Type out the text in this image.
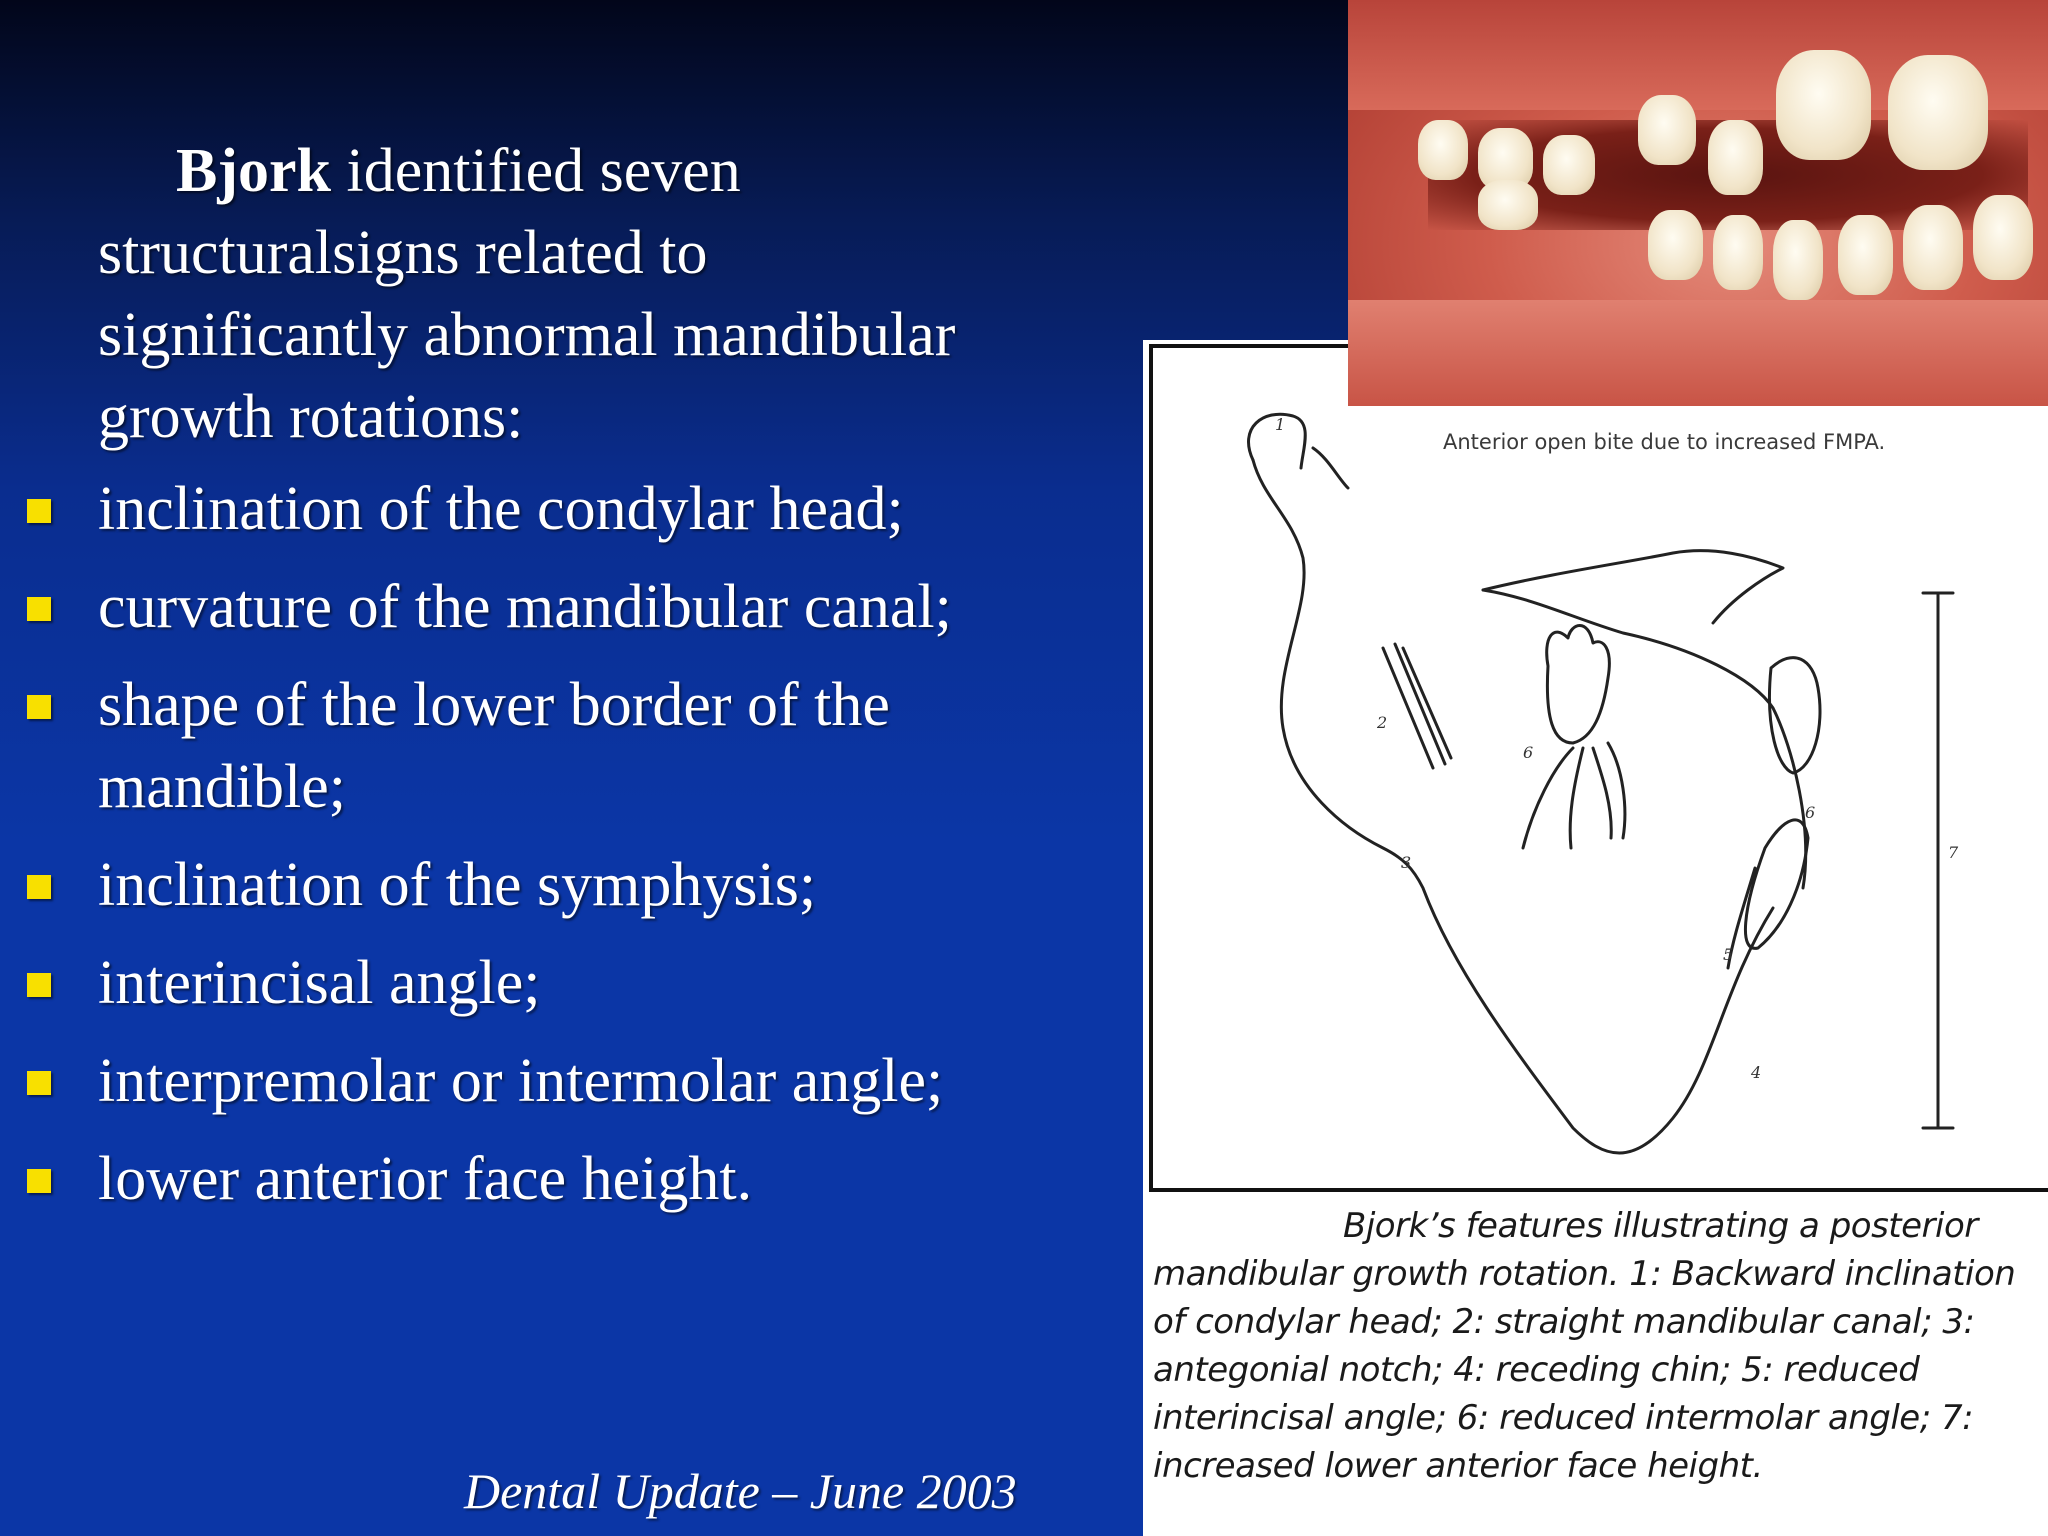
Bjork identified seven structuralsigns related to significantly abnormal mandibular growth rotations:
inclination of the condylar head;
curvature of the mandibular canal;
shape of the lower border of the mandible;
inclination of the symphysis;
interincisal angle;
interpremolar or intermolar angle;
lower anterior face height.
Dental Update – June 2003
1
2
3
4
5
6
6
7
Anterior open bite due to increased FMPA.
Bjork’s features illustrating a posterior mandibular growth rotation. 1: Backward inclination of condylar head; 2: straight mandibular canal; 3: antegonial notch; 4: receding chin; 5: reduced interincisal angle; 6: reduced intermolar angle; 7: increased lower anterior face height.
